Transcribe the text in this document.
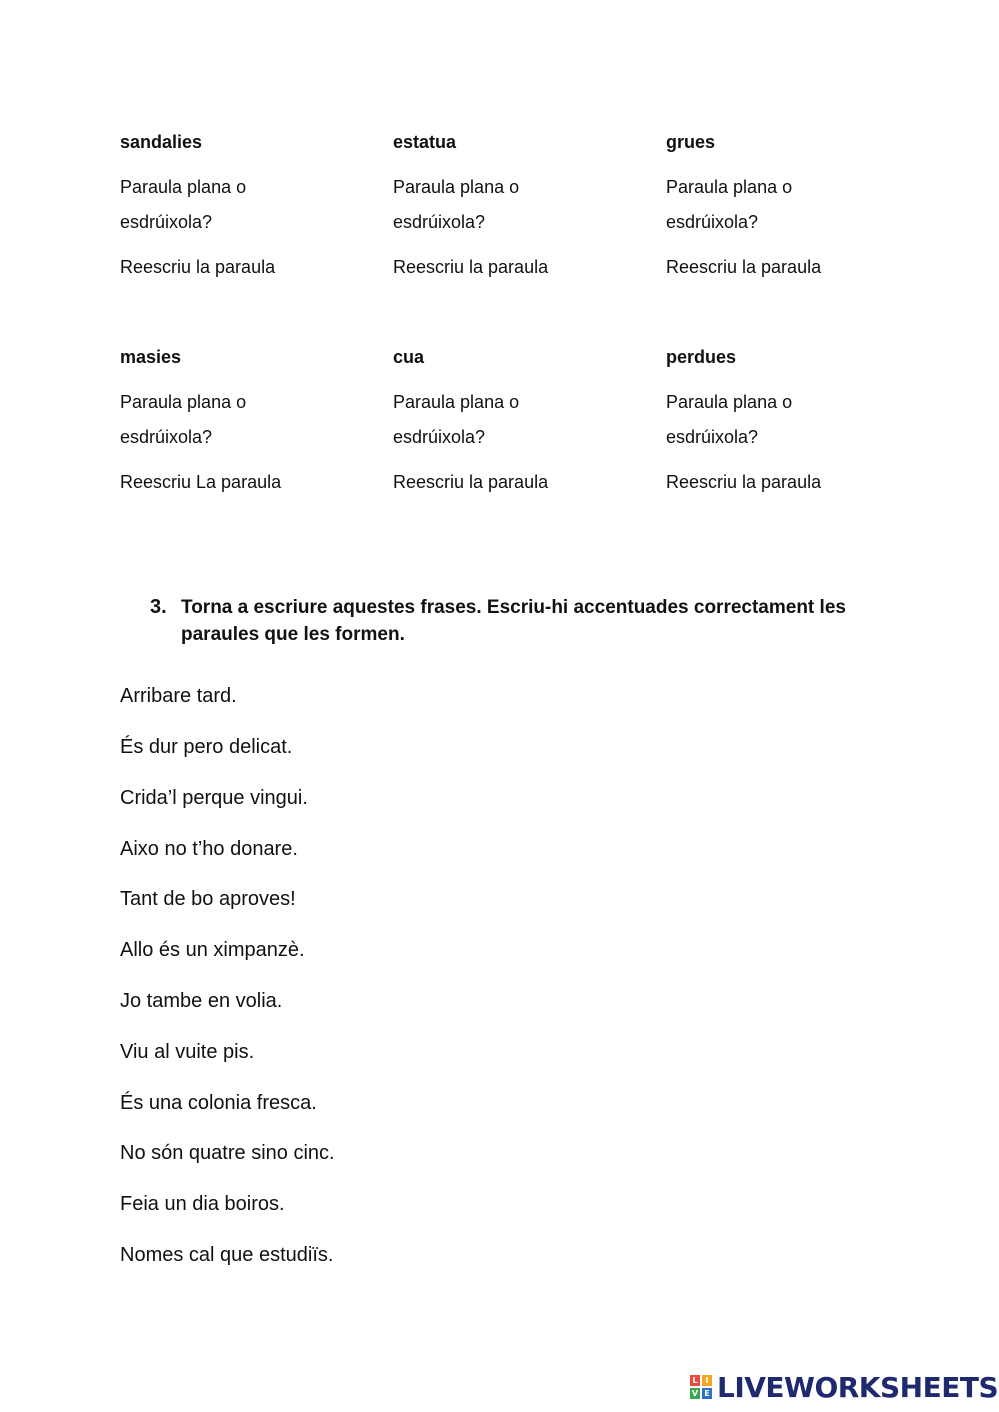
sandalies
Paraula plana o
esdrúixola?
Reescriu la paraula
estatua
Paraula plana o
esdrúixola?
Reescriu la paraula
grues
Paraula plana o
esdrúixola?
Reescriu la paraula
masies
Paraula plana o
esdrúixola?
Reescriu La paraula
cua
Paraula plana o
esdrúixola?
Reescriu la paraula
perdues
Paraula plana o
esdrúixola?
Reescriu la paraula
3. Torna a escriure aquestes frases. Escriu-hi accentuades correctament les paraules que les formen.
Arribare tard.
És dur pero delicat.
Crida’l perque vingui.
Aixo no t’ho donare.
Tant de bo aproves!
Allo és un ximpanzè.
Jo tambe en volia.
Viu al vuite pis.
És una colonia fresca.
No són quatre sino cinc.
Feia un dia boiros.
Nomes cal que estudiïs.
L I
V E LIVEWORKSHEETS
